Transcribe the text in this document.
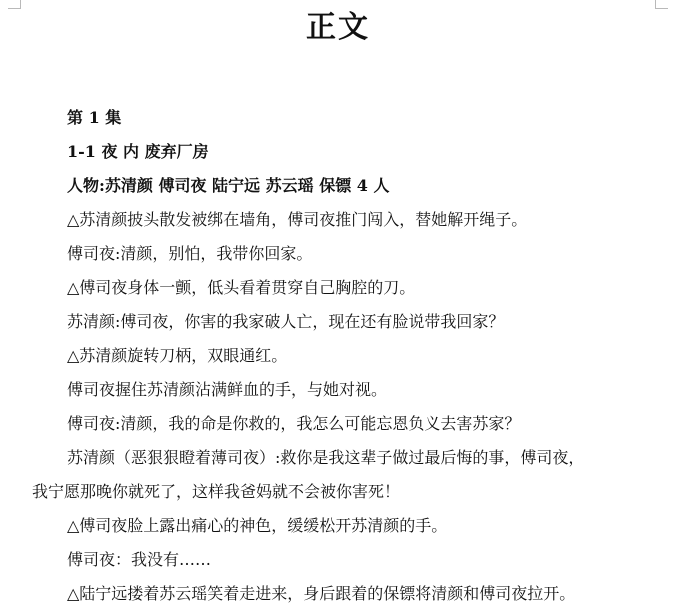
正文

第 1 集

1-1 夜 内 废弃厂房

人物:苏清颜 傅司夜 陆宁远 苏云瑶 保镖 4 人

△苏清颜披头散发被绑在墙角，傅司夜推门闯入，替她解开绳子。

傅司夜:清颜，别怕，我带你回家。

△傅司夜身体一颤，低头看着贯穿自己胸腔的刀。

苏清颜:傅司夜，你害的我家破人亡，现在还有脸说带我回家？

△苏清颜旋转刀柄，双眼通红。

傅司夜握住苏清颜沾满鲜血的手，与她对视。

傅司夜:清颜，我的命是你救的，我怎么可能忘恩负义去害苏家？

苏清颜（恶狠狠瞪着薄司夜）:救你是我这辈子做过最后悔的事，傅司夜，
我宁愿那晚你就死了，这样我爸妈就不会被你害死！

△傅司夜脸上露出痛心的神色，缓缓松开苏清颜的手。

傅司夜：我没有……

△陆宁远搂着苏云瑶笑着走进来，身后跟着的保镖将清颜和傅司夜拉开。
